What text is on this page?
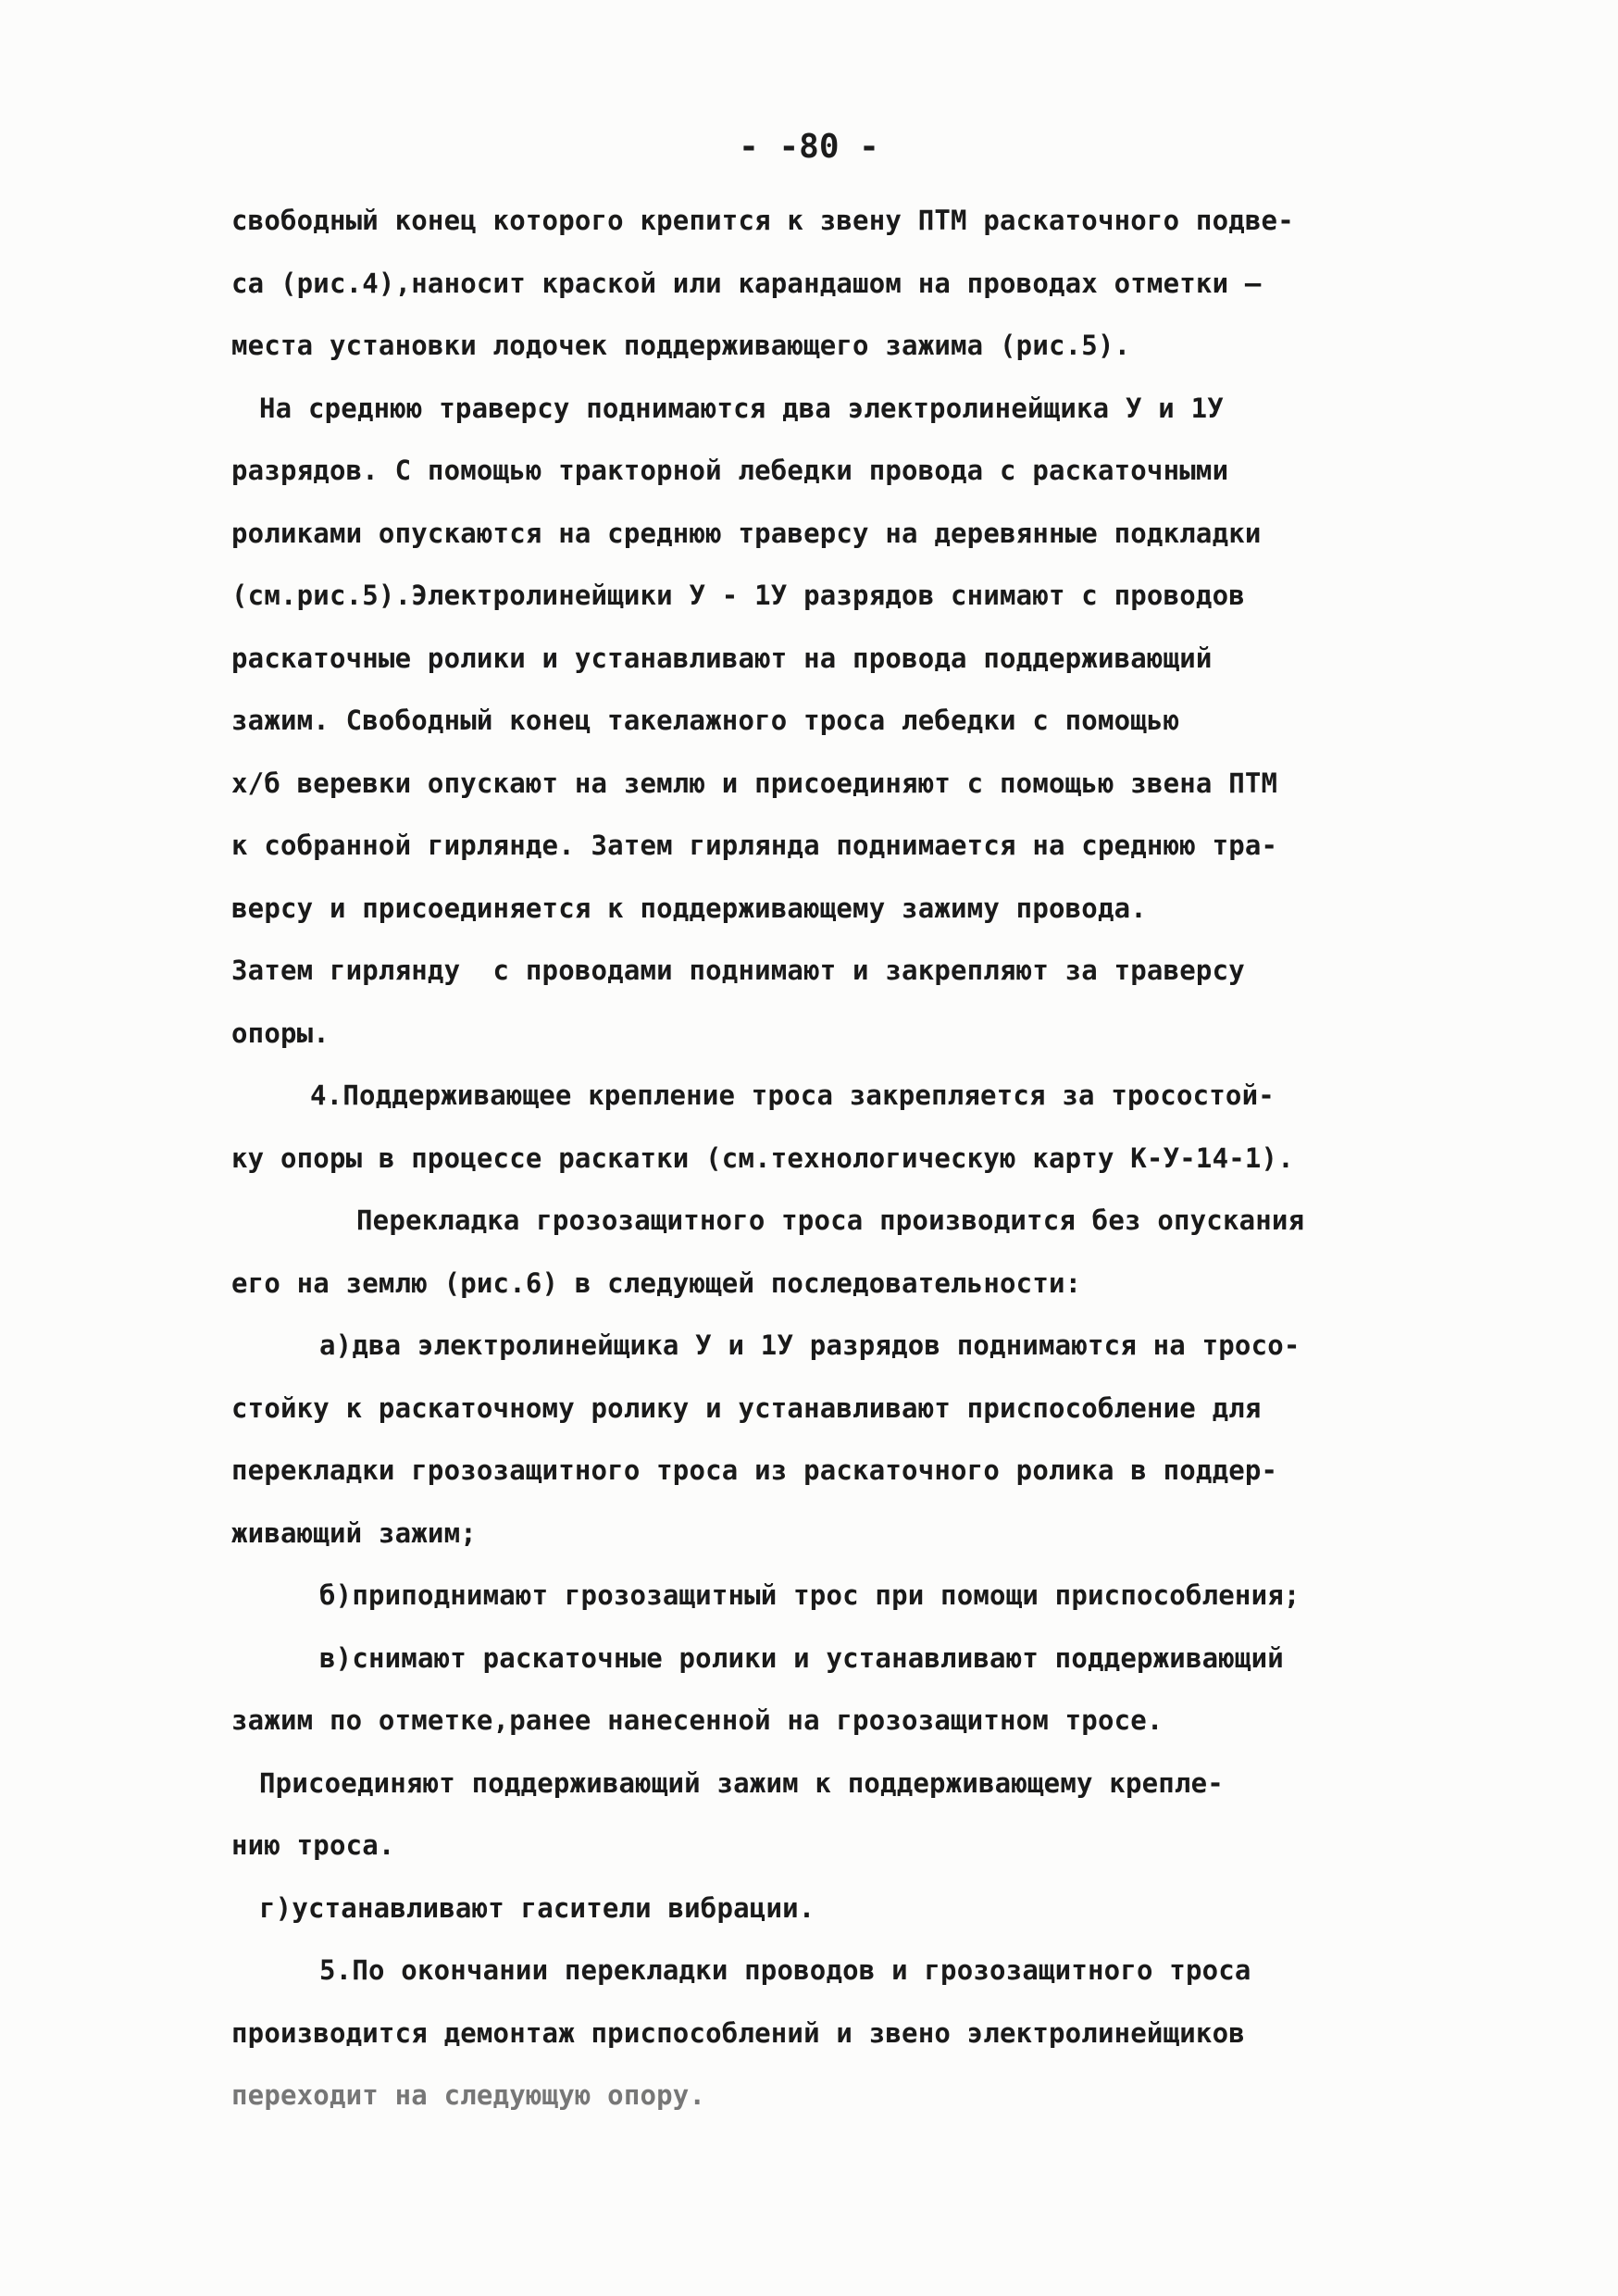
- -80 -
свободный конец которого крепится к звену ПТМ раскаточного подве-
са (рис.4),наносит краской или карандашом на проводах отметки —
места установки лодочек поддерживающего зажима (рис.5).
На среднюю траверсу поднимаются два электролинейщика У и 1У
разрядов. С помощью тракторной лебедки провода с раскаточными
роликами опускаются на среднюю траверсу на деревянные подкладки
(см.рис.5).Электролинейщики У - 1У разрядов снимают с проводов
раскаточные ролики и устанавливают на провода поддерживающий
зажим. Свободный конец такелажного троса лебедки с помощью
х/б веревки опускают на землю и присоединяют с помощью звена ПТМ
к собранной гирлянде. Затем гирлянда поднимается на среднюю тра-
версу и присоединяется к поддерживающему зажиму провода.
Затем гирлянду  с проводами поднимают и закрепляют за траверсу
опоры.
4.Поддерживающее крепление троса закрепляется за тросостой-
ку опоры в процессе раскатки (см.технологическую карту К-У-14-1).
Перекладка грозозащитного троса производится без опускания
его на землю (рис.6) в следующей последовательности:
а)два электролинейщика У и 1У разрядов поднимаются на тросо-
стойку к раскаточному ролику и устанавливают приспособление для
перекладки грозозащитного троса из раскаточного ролика в поддер-
живающий зажим;
б)приподнимают грозозащитный трос при помощи приспособления;
в)снимают раскаточные ролики и устанавливают поддерживающий
зажим по отметке,ранее нанесенной на грозозащитном тросе.
Присоединяют поддерживающий зажим к поддерживающему крепле-
нию троса.
г)устанавливают гасители вибрации.
5.По окончании перекладки проводов и грозозащитного троса
производится демонтаж приспособлений и звено электролинейщиков
переходит на следующую опору.
